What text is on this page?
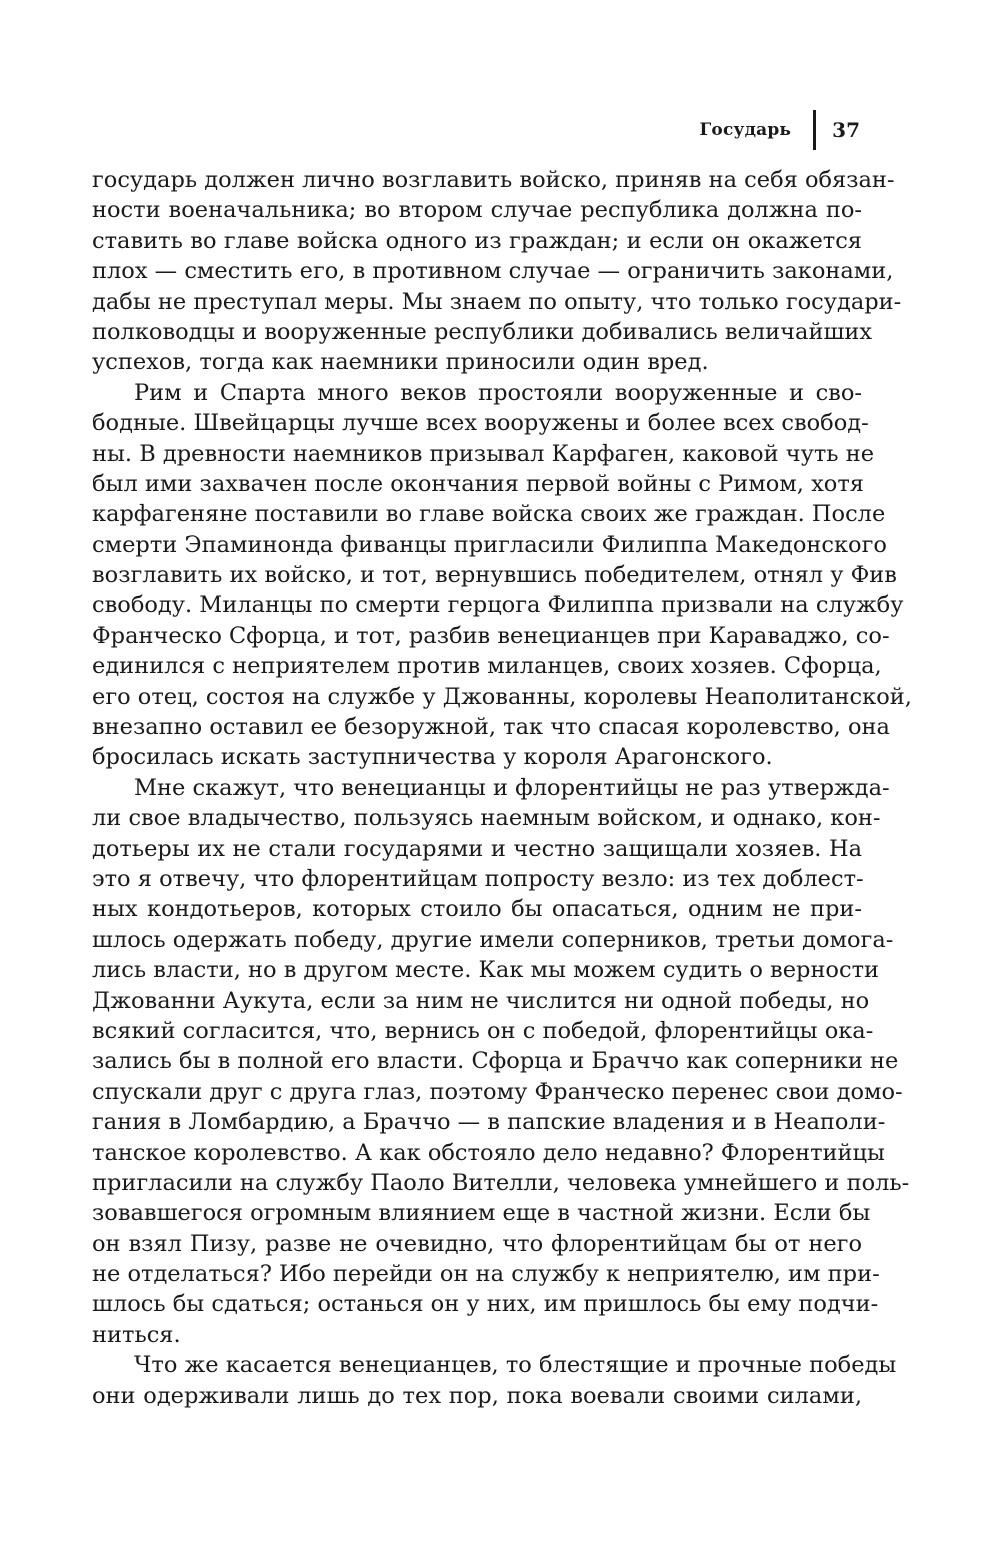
Государь 37
государь должен лично возглавить войско, приняв на себя обязан-
ности военачальника; во втором случае республика должна по-
ставить во главе войска одного из граждан; и если он окажется
плох — сместить его, в противном случае — ограничить законами,
дабы не преступал меры. Мы знаем по опыту, что только государи-
полководцы и вооруженные республики добивались величайших
успехов, тогда как наемники приносили один вред.
Рим и Спарта много веков простояли вооруженные и сво-
бодные. Швейцарцы лучше всех вооружены и более всех свобод-
ны. В древности наемников призывал Карфаген, каковой чуть не
был ими захвачен после окончания первой войны с Римом, хотя
карфагеняне поставили во главе войска своих же граждан. После
смерти Эпаминонда фиванцы пригласили Филиппа Македонского
возглавить их войско, и тот, вернувшись победителем, отнял у Фив
свободу. Миланцы по смерти герцога Филиппа призвали на службу
Франческо Сфорца, и тот, разбив венецианцев при Караваджо, со-
единился с неприятелем против миланцев, своих хозяев. Сфорца,
его отец, состоя на службе у Джованны, королевы Неаполитанской,
внезапно оставил ее безоружной, так что спасая королевство, она
бросилась искать заступничества у короля Арагонского.
Мне скажут, что венецианцы и флорентийцы не раз утвержда-
ли свое владычество, пользуясь наемным войском, и однако, кон-
дотьеры их не стали государями и честно защищали хозяев. На
это я отвечу, что флорентийцам попросту везло: из тех доблест-
ных кондотьеров, которых стоило бы опасаться, одним не при-
шлось одержать победу, другие имели соперников, третьи домога-
лись власти, но в другом месте. Как мы можем судить о верности
Джованни Аукута, если за ним не числится ни одной победы, но
всякий согласится, что, вернись он с победой, флорентийцы ока-
зались бы в полной его власти. Сфорца и Браччо как соперники не
спускали друг с друга глаз, поэтому Франческо перенес свои домо-
гания в Ломбардию, а Браччо — в папские владения и в Неаполи-
танское королевство. А как обстояло дело недавно? Флорентийцы
пригласили на службу Паоло Вителли, человека умнейшего и поль-
зовавшегося огромным влиянием еще в частной жизни. Если бы
он взял Пизу, разве не очевидно, что флорентийцам бы от него
не отделаться? Ибо перейди он на службу к неприятелю, им при-
шлось бы сдаться; останься он у них, им пришлось бы ему подчи-
ниться.
Что же касается венецианцев, то блестящие и прочные победы
они одерживали лишь до тех пор, пока воевали своими силами,
